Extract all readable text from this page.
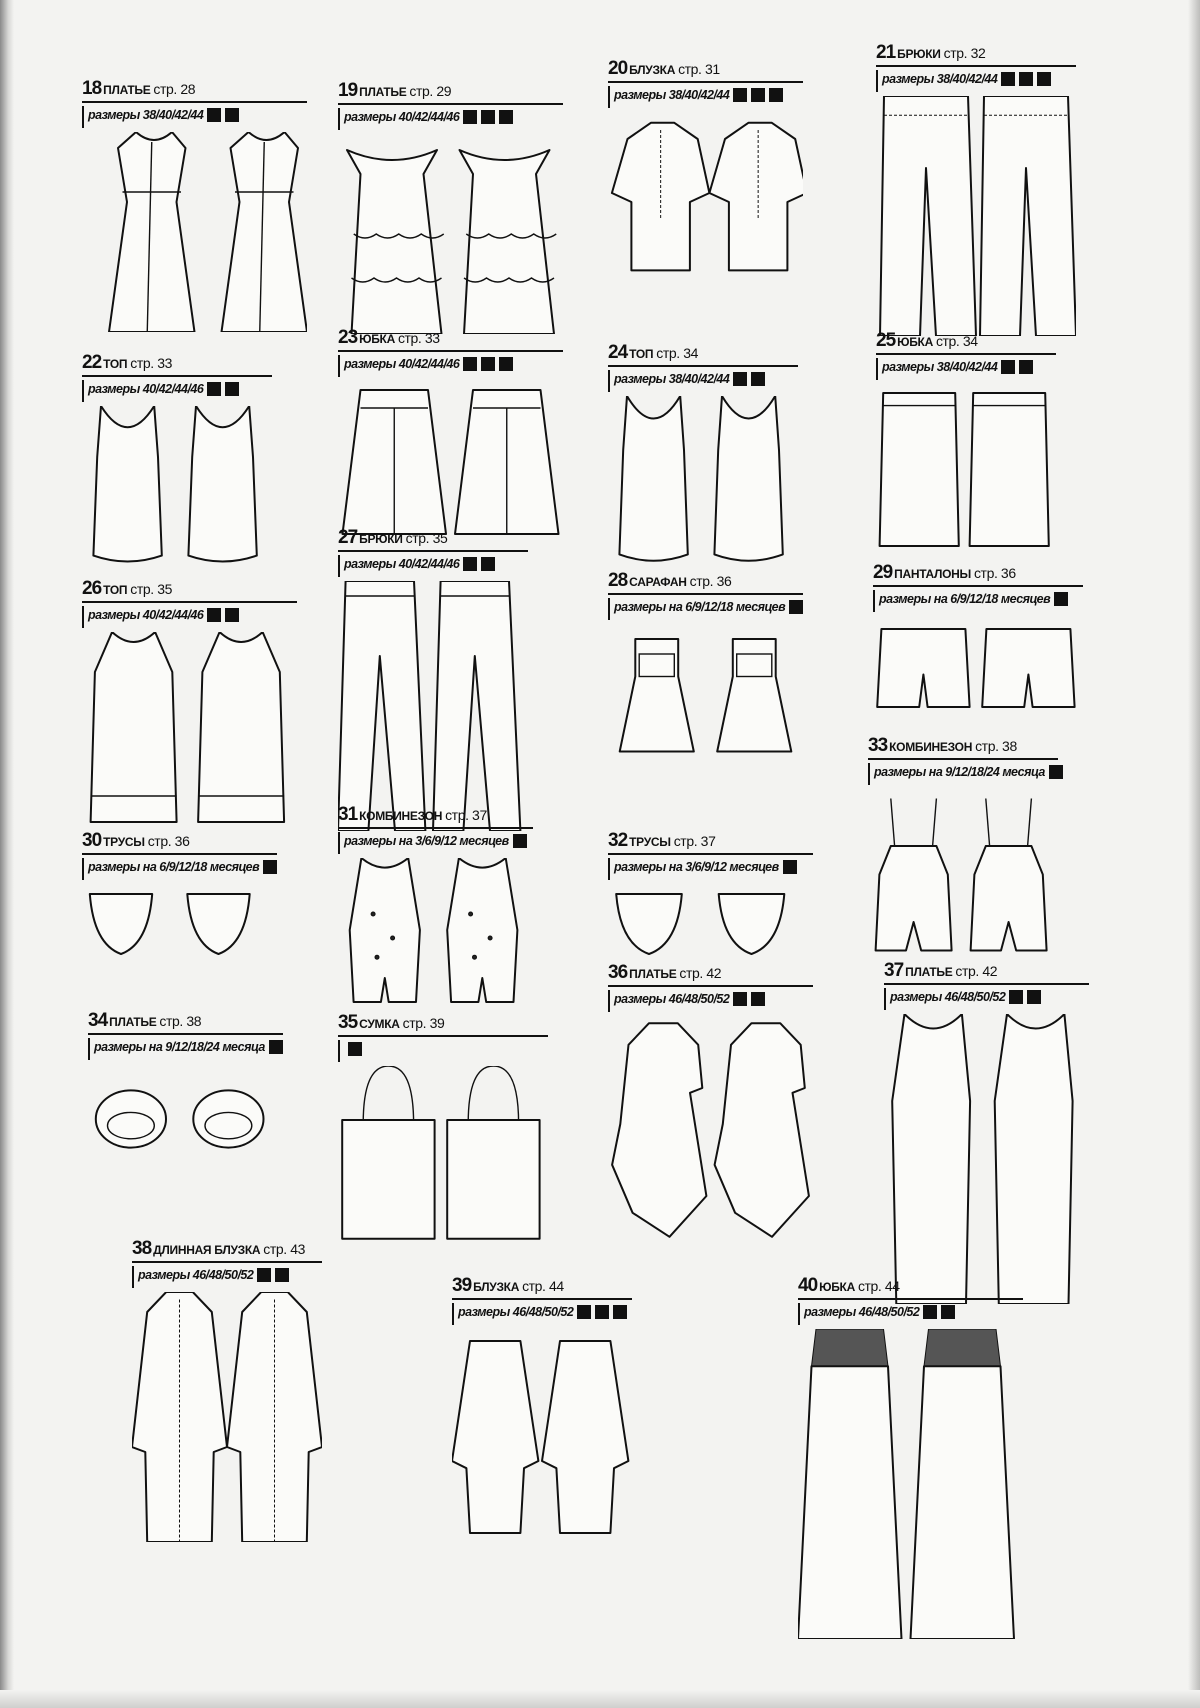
18 ПЛАТЬЕ стр. 28
размеры 38/40/42/44
19 ПЛАТЬЕ стр. 29
размеры 40/42/44/46
20 БЛУЗКА стр. 31
размеры 38/40/42/44
21 БРЮКИ стр. 32
размеры 38/40/42/44
22 ТОП стр. 33
размеры 40/42/44/46
23 ЮБКА стр. 33
размеры 40/42/44/46
24 ТОП стр. 34
размеры 38/40/42/44
25 ЮБКА стр. 34
размеры 38/40/42/44
26 ТОП стр. 35
размеры 40/42/44/46
27 БРЮКИ стр. 35
размеры 40/42/44/46
28 САРАФАН стр. 36
размеры на 6/9/12/18 месяцев
29 ПАНТАЛОНЫ стр. 36
размеры на 6/9/12/18 месяцев
30 ТРУСЫ стр. 36
размеры на 6/9/12/18 месяцев
31 КОМБИНЕЗОН стр. 37
размеры на 3/6/9/12 месяцев	32 ТРУСЫ стр. 37
размеры на 3/6/9/12 месяцев
33 КОМБИНЕЗОН стр. 38
размеры на 9/12/18/24 месяца
34 ПЛАТЬЕ стр. 38
размеры на 9/12/18/24 месяца
35 СУМКА стр. 39
36 ПЛАТЬЕ стр. 42
размеры 46/48/50/52
37 ПЛАТЬЕ стр. 42
размеры 46/48/50/52
38 ДЛИННАЯ БЛУЗКА стр. 43
размеры 46/48/50/52
39 БЛУЗКА стр. 44
размеры 46/48/50/52
40 ЮБКА стр. 44
размеры 46/48/50/52
